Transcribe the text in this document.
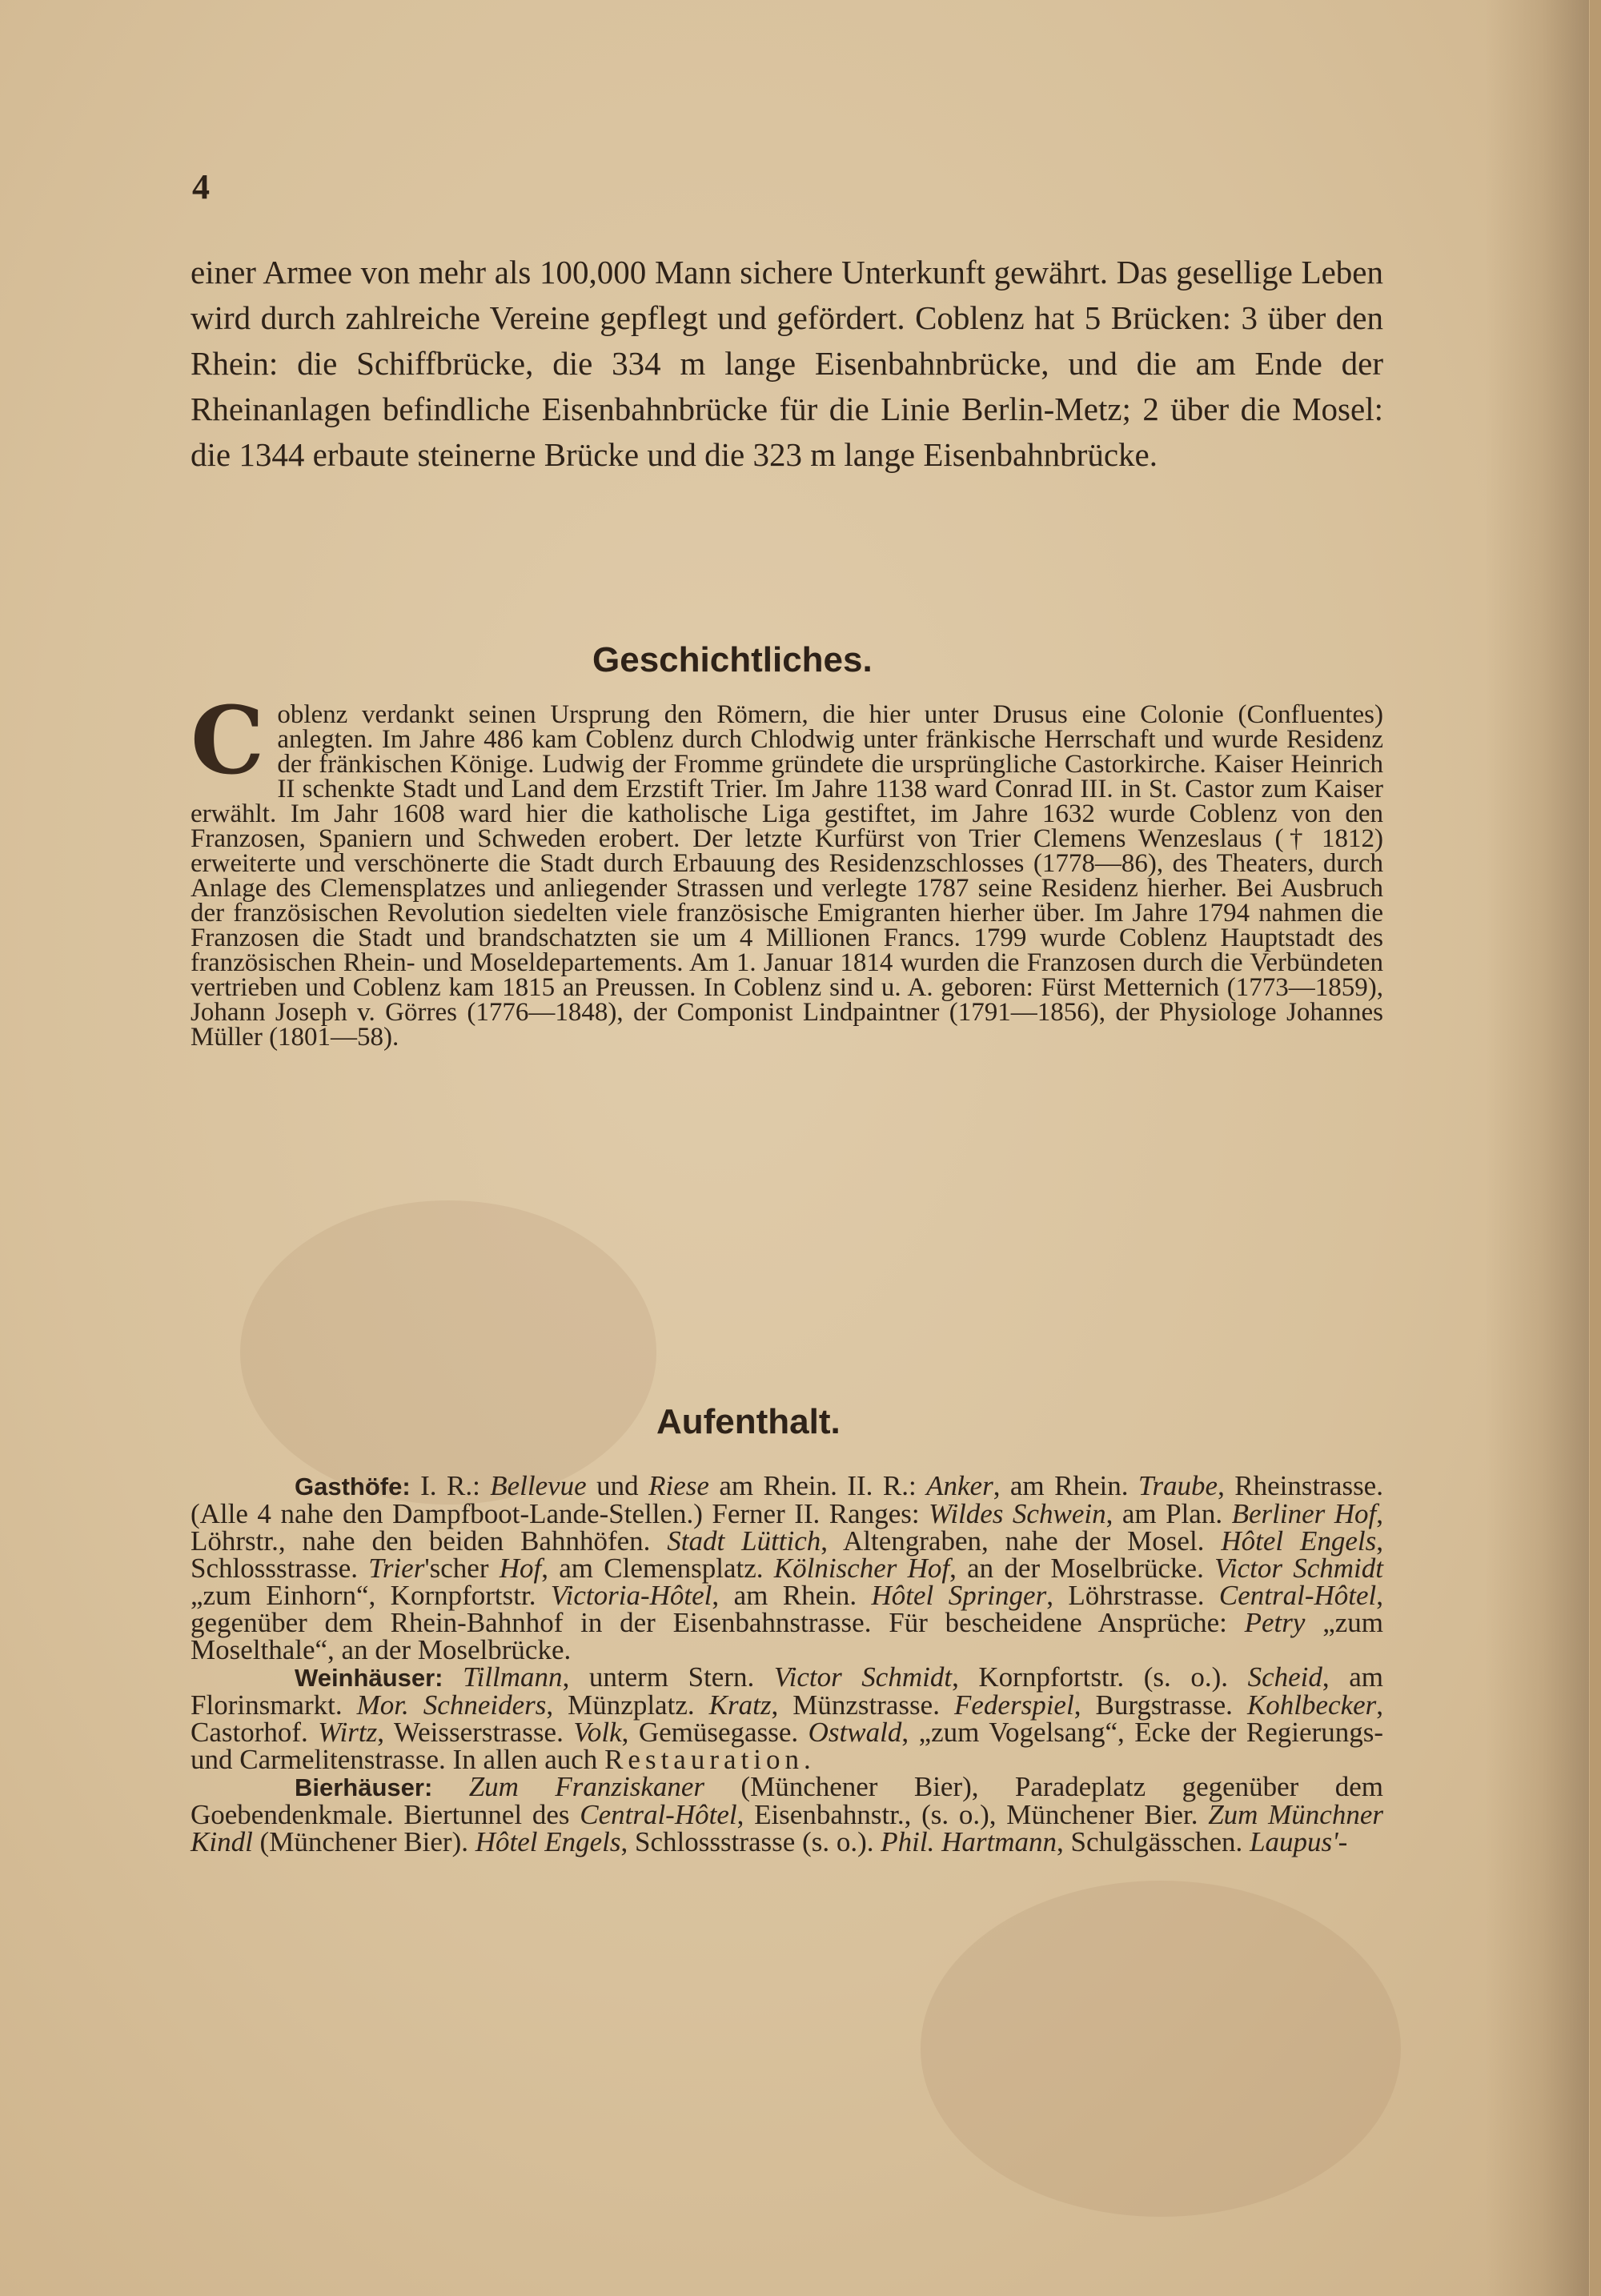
4
einer Armee von mehr als 100,000 Mann sichere Unterkunft gewährt. Das gesellige Leben wird durch zahlreiche Vereine gepflegt und gefördert. Coblenz hat 5 Brücken: 3 über den Rhein: die Schiffbrücke, die 334 m lange Eisenbahnbrücke, und die am Ende der Rheinanlagen befindliche Eisenbahnbrücke für die Linie Berlin-Metz; 2 über die Mosel: die 1344 erbaute steinerne Brücke und die 323 m lange Eisenbahnbrücke.
Geschichtliches.
Coblenz verdankt seinen Ursprung den Römern, die hier unter Drusus eine Colonie (Confluentes) anlegten. Im Jahre 486 kam Coblenz durch Chlodwig unter fränkische Herrschaft und wurde Residenz der fränkischen Könige. Ludwig der Fromme gründete die ursprüngliche Castorkirche. Kaiser Heinrich II schenkte Stadt und Land dem Erzstift Trier. Im Jahre 1138 ward Conrad III. in St. Castor zum Kaiser erwählt. Im Jahr 1608 ward hier die katholische Liga gestiftet, im Jahre 1632 wurde Coblenz von den Franzosen, Spaniern und Schweden erobert. Der letzte Kurfürst von Trier Clemens Wenzeslaus († 1812) erweiterte und verschönerte die Stadt durch Erbauung des Residenzschlosses (1778—86), des Theaters, durch Anlage des Clemensplatzes und anliegender Strassen und verlegte 1787 seine Residenz hierher. Bei Ausbruch der französischen Revolution siedelten viele französische Emigranten hierher über. Im Jahre 1794 nahmen die Franzosen die Stadt und brandschatzten sie um 4 Millionen Francs. 1799 wurde Coblenz Hauptstadt des französischen Rhein- und Moseldepartements. Am 1. Januar 1814 wurden die Franzosen durch die Verbündeten vertrieben und Coblenz kam 1815 an Preussen. In Coblenz sind u. A. geboren: Fürst Metternich (1773—1859), Johann Joseph v. Görres (1776—1848), der Componist Lindpaintner (1791—1856), der Physiologe Johannes Müller (1801—58).
Aufenthalt.

Gasthöfe: I. R.: Bellevue und Riese am Rhein. II. R.: Anker, am Rhein. Traube, Rheinstrasse. (Alle 4 nahe den Dampfboot-Lande-Stellen.) Ferner II. Ranges: Wildes Schwein, am Plan. Berliner Hof, Löhrstr., nahe den beiden Bahnhöfen. Stadt Lüttich, Altengraben, nahe der Mosel. Hôtel Engels, Schlossstrasse. Trier'scher Hof, am Clemensplatz. Kölnischer Hof, an der Moselbrücke. Victor Schmidt „zum Einhorn“, Kornpfortstr. Victoria-Hôtel, am Rhein. Hôtel Springer, Löhrstrasse. Central-Hôtel, gegenüber dem Rhein-Bahnhof in der Eisenbahnstrasse. Für bescheidene Ansprüche: Petry „zum Moselthale“, an der Moselbrücke.

Weinhäuser: Tillmann, unterm Stern. Victor Schmidt, Kornpfortstr. (s. o.). Scheid, am Florinsmarkt. Mor. Schneiders, Münzplatz. Kratz, Münzstrasse. Federspiel, Burgstrasse. Kohlbecker, Castorhof. Wirtz, Weisserstrasse. Volk, Gemüsegasse. Ostwald, „zum Vogelsang“, Ecke der Regierungs- und Carmelitenstrasse. In allen auch Restauration.

Bierhäuser: Zum Franziskaner (Münchener Bier), Paradeplatz gegenüber dem Goebendenkmale. Biertunnel des Central-Hôtel, Eisenbahnstr., (s. o.), Münchener Bier. Zum Münchner Kindl (Münchener Bier). Hôtel Engels, Schlossstrasse (s. o.). Phil. Hartmann, Schulgässchen. Laupus'-
